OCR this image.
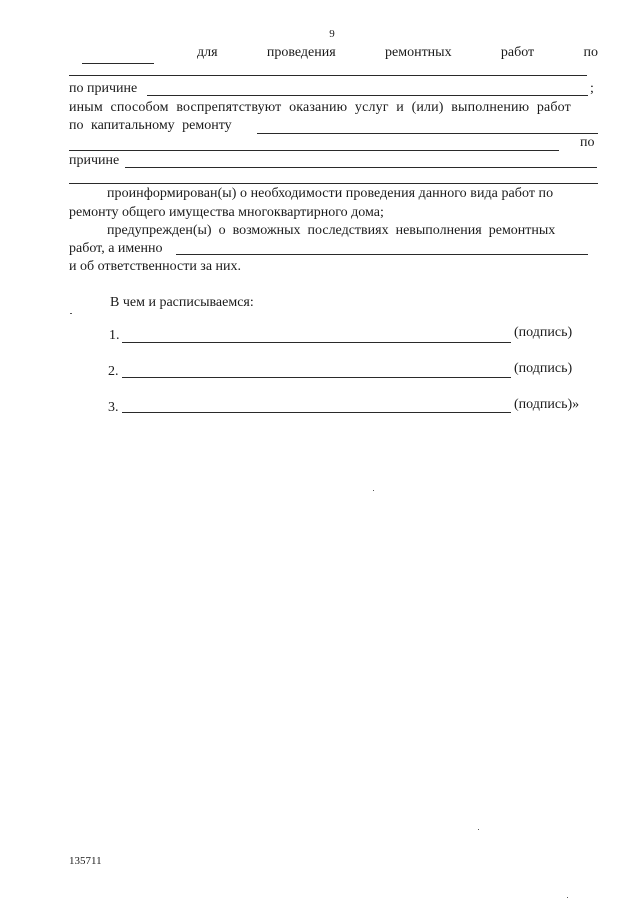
9
для	проведения	ремонтных	работ	по
по причине	;
иным способом воспрепятствуют оказанию услуг и (или) выполнению работ
по капитальному ремонту
по
причине
проинформирован(ы) о необходимости проведения данного вида работ по
ремонту общего имущества многоквартирного дома;
предупрежден(ы) о возможных последствиях невыполнения ремонтных
работ, а именно
и об ответственности за них.
В чем и расписываемся:
1.	(подпись)
2.	(подпись)
3.	(подпись)»
135711
